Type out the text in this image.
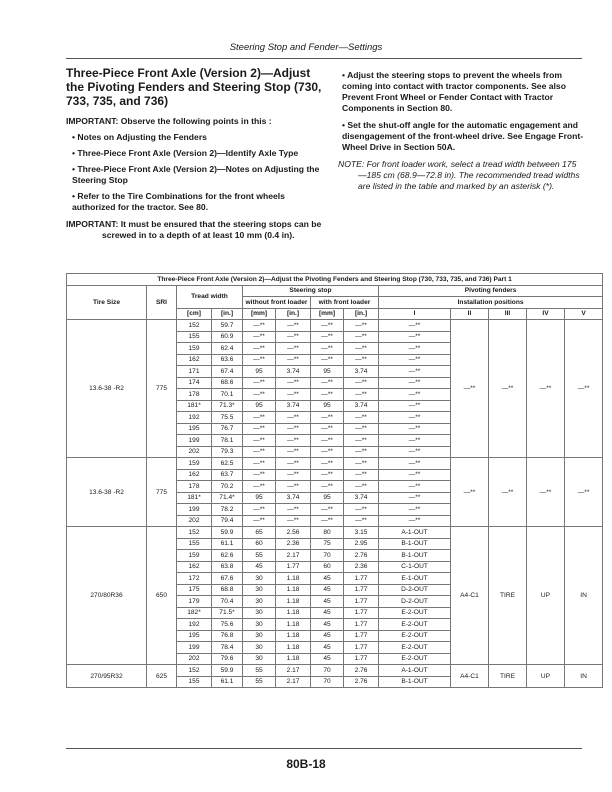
Steering Stop and Fender—Settings
Three-Piece Front Axle (Version 2)—Adjust the Pivoting Fenders and Steering Stop (730, 733, 735, and 736)

IMPORTANT: Observe the following points in this :

• Notes on Adjusting the Fenders

• Three-Piece Front Axle (Version 2)—Identify Axle Type

• Three-Piece Front Axle (Version 2)—Notes on Adjusting the Steering Stop

• Refer to the Tire Combinations for the front wheels authorized for the tractor. See 80.

IMPORTANT: It must be ensured that the steering stops can be screwed in to a depth of at least 10 mm (0.4 in).

• Adjust the steering stops to prevent the wheels from coming into contact with tractor components. See also Prevent Front Wheel or Fender Contact with Tractor Components in Section 80.

• Set the shut-off angle for the automatic engagement and disengagement of the front-wheel drive. See Engage Front-Wheel Drive in Section 50A.

NOTE: For front loader work, select a tread width between 175—185 cm (68.9—72.8 in). The recommended tread widths are listed in the table and marked by an asterisk (*).

Three-Piece Front Axle (Version 2)—Adjust the Pivoting Fenders and Steering Stop (730, 733, 735, and 736) Part 1												
Tire Size	SRI	Tread width		Steering stop				Pivoting fenders				
				without front loader		with front loader		Installation positions				
		[cm]	[in.]	[mm]	[in.]	[mm]	[in.]	I	II	III	IV	V
13.6-38 -R2	775	152	59.7	—**	—**	—**	—**	—**	—**	—**	—**	—**
		155	60.9	—**	—**	—**	—**	—**				
		159	62.4	—**	—**	—**	—**	—**				
		162	63.6	—**	—**	—**	—**	—**				
		171	67.4	95	3.74	95	3.74	—**				
		174	68.6	—**	—**	—**	—**	—**				
		178	70.1	—**	—**	—**	—**	—**				
		181*	71.3*	95	3.74	95	3.74	—**				
		192	75.5	—**	—**	—**	—**	—**				
		195	76.7	—**	—**	—**	—**	—**				
		199	78.1	—**	—**	—**	—**	—**				
		202	79.3	—**	—**	—**	—**	—**				
13.6-38 -R2	775	159	62.5	—**	—**	—**	—**	—**	—**	—**	—**	—**
		162	63.7	—**	—**	—**	—**	—**				
		178	70.2	—**	—**	—**	—**	—**				
		181*	71.4*	95	3.74	95	3.74	—**				
		199	78.2	—**	—**	—**	—**	—**				
		202	79.4	—**	—**	—**	—**	—**				
270/80R36	650	152	59.9	65	2.56	80	3.15	A-1-OUT	A4-C1	TIRE	UP	IN
		155	61.1	60	2.36	75	2.95	B-1-OUT				
		159	62.6	55	2.17	70	2.76	B-1-OUT				
		162	63.8	45	1.77	60	2.36	C-1-OUT				
		172	67.6	30	1.18	45	1.77	E-1-OUT				
		175	68.8	30	1.18	45	1.77	D-2-OUT				
		179	70.4	30	1.18	45	1.77	D-2-OUT				
		182*	71.5*	30	1.18	45	1.77	E-2-OUT				
		192	75.6	30	1.18	45	1.77	E-2-OUT				
		195	76.8	30	1.18	45	1.77	E-2-OUT				
		199	78.4	30	1.18	45	1.77	E-2-OUT				
		202	79.6	30	1.18	45	1.77	E-2-OUT				
270/95R32	625	152	59.9	55	2.17	70	2.76	A-1-OUT	A4-C1	TIRE	UP	IN
		155	61.1	55	2.17	70	2.76	B-1-OUT				
80B-18
